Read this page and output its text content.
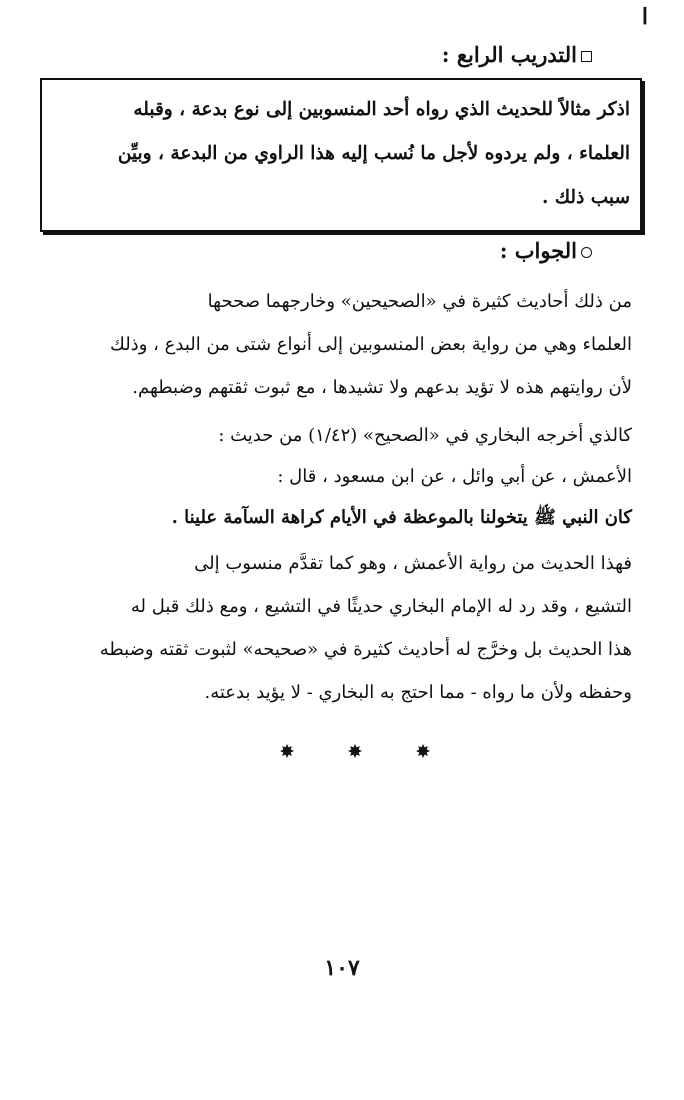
ا
التدريب الرابع :
اذكر مثالاً للحديث الذي رواه أحد المنسوبين إلى نوع بدعة ، وقبله
العلماء ، ولم يردوه لأجل ما نُسب إليه هذا الراوي من البدعة ، وبيِّن
سبب ذلك .
الجواب :
من ذلك أحاديث كثيرة في «الصحيحين» وخارجهما صححها
العلماء وهي من رواية بعض المنسوبين إلى أنواع شتى من البدع ، وذلك
لأن روايتهم هذه لا تؤيد بدعهم ولا تشيدها ، مع ثبوت ثقتهم وضبطهم.
كالذي أخرجه البخاري في «الصحيح» (١/٤٢) من حديث :
الأعمش ، عن أبي وائل ، عن ابن مسعود ، قال :
كان النبي ﷺ يتخولنا بالموعظة في الأيام كراهة السآمة علينا .
فهذا الحديث من رواية الأعمش ، وهو كما تقدَّم منسوب إلى
التشيع ، وقد رد له الإمام البخاري حديثًا في التشيع ، ومع ذلك قبل له
هذا الحديث بل وخرَّج له أحاديث كثيرة في «صحيحه» لثبوت ثقته وضبطه
وحفظه ولأن ما رواه - مما احتج به البخاري - لا يؤيد بدعته.
١٠٧
